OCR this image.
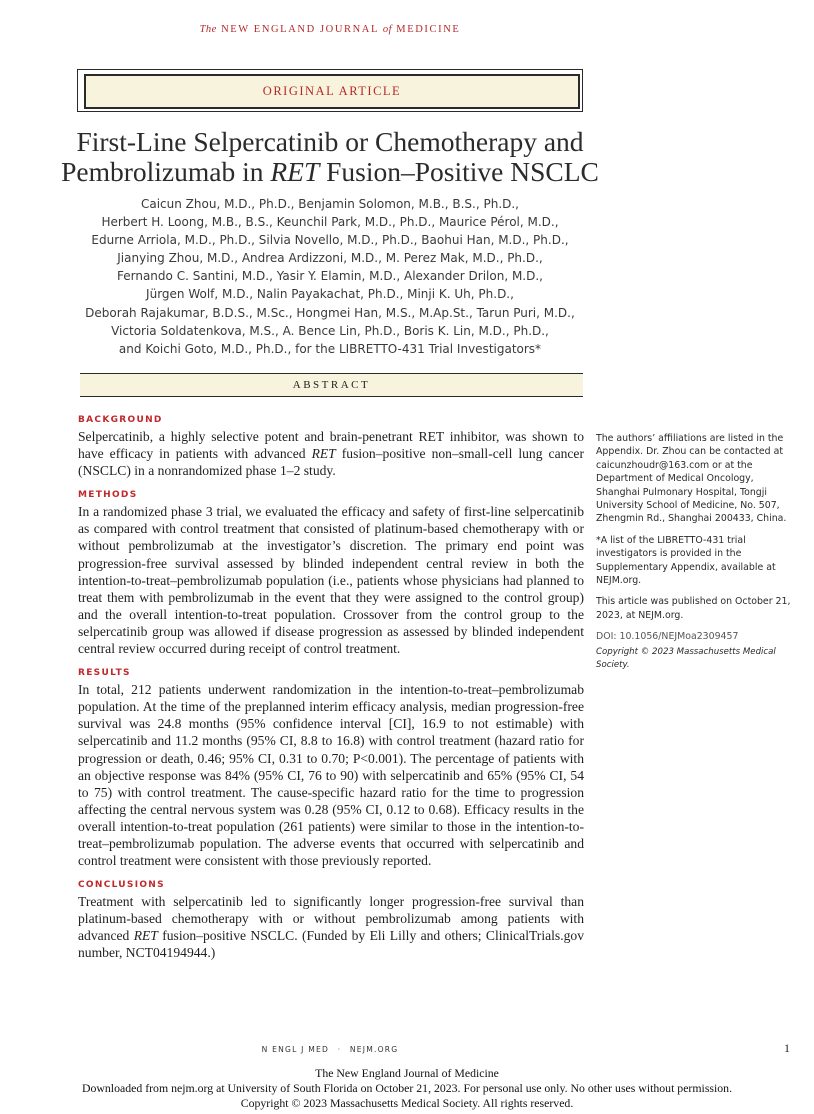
The NEW ENGLAND JOURNAL of MEDICINE
ORIGINAL ARTICLE
First-Line Selpercatinib or Chemotherapy and
Pembrolizumab in RET Fusion–Positive NSCLC
Caicun Zhou, M.D., Ph.D., Benjamin Solomon, M.B., B.S., Ph.D.,
Herbert H. Loong, M.B., B.S., Keunchil Park, M.D., Ph.D., Maurice Pérol, M.D.,
Edurne Arriola, M.D., Ph.D., Silvia Novello, M.D., Ph.D., Baohui Han, M.D., Ph.D.,
Jianying Zhou, M.D., Andrea Ardizzoni, M.D., M. Perez Mak, M.D., Ph.D.,
Fernando C. Santini, M.D., Yasir Y. Elamin, M.D., Alexander Drilon, M.D.,
Jürgen Wolf, M.D., Nalin Payakachat, Ph.D., Minji K. Uh, Ph.D.,
Deborah Rajakumar, B.D.S., M.Sc., Hongmei Han, M.S., M.Ap.St., Tarun Puri, M.D.,
Victoria Soldatenkova, M.S., A. Bence Lin, Ph.D., Boris K. Lin, M.D., Ph.D.,
and Koichi Goto, M.D., Ph.D., for the LIBRETTO-431 Trial Investigators*
ABSTRACT

BACKGROUND

Selpercatinib, a highly selective potent and brain-penetrant RET inhibitor, was shown to have efficacy in patients with advanced RET fusion–positive non–small-cell lung cancer (NSCLC) in a nonrandomized phase 1–2 study.

METHODS

In a randomized phase 3 trial, we evaluated the efficacy and safety of first-line selpercatinib as compared with control treatment that consisted of platinum-based chemotherapy with or without pembrolizumab at the investigator’s discretion. The primary end point was progression-free survival assessed by blinded independent central review in both the intention-to-treat–pembrolizumab population (i.e., patients whose physicians had planned to treat them with pembrolizumab in the event that they were assigned to the control group) and the overall intention-to-treat population. Crossover from the control group to the selpercatinib group was allowed if disease progression as assessed by blinded independent central review occurred during receipt of control treatment.

RESULTS

In total, 212 patients underwent randomization in the intention-to-treat–pembrolizumab population. At the time of the preplanned interim efficacy analysis, median progression-free survival was 24.8 months (95% confidence interval [CI], 16.9 to not estimable) with selpercatinib and 11.2 months (95% CI, 8.8 to 16.8) with control treatment (hazard ratio for progression or death, 0.46; 95% CI, 0.31 to 0.70; P<0.001). The percentage of patients with an objective response was 84% (95% CI, 76 to 90) with selpercatinib and 65% (95% CI, 54 to 75) with control treatment. The cause-specific hazard ratio for the time to progression affecting the central nervous system was 0.28 (95% CI, 0.12 to 0.68). Efficacy results in the overall intention-to-treat population (261 patients) were similar to those in the intention-to-treat–pembrolizumab population. The adverse events that occurred with selpercatinib and control treatment were consistent with those previously reported.

CONCLUSIONS

Treatment with selpercatinib led to significantly longer progression-free survival than platinum-based chemotherapy with or without pembrolizumab among patients with advanced RET fusion–positive NSCLC. (Funded by Eli Lilly and others; ClinicalTrials.gov number, NCT04194944.)

The authors’ affiliations are listed in the Appendix. Dr. Zhou can be contacted at caicunzhoudr@163.com or at the Department of Medical Oncology, Shanghai Pulmonary Hospital, Tongji University School of Medicine, No. 507, Zhengmin Rd., Shanghai 200433, China.

*A list of the LIBRETTO-431 trial investigators is provided in the Supplementary Appendix, available at NEJM.org.

This article was published on October 21, 2023, at NEJM.org.

DOI: 10.1056/NEJMoa2309457

Copyright © 2023 Massachusetts Medical Society.

N ENGL J MED · NEJM.ORG	1
The New England Journal of Medicine
Downloaded from nejm.org at University of South Florida on October 21, 2023. For personal use only. No other uses without permission.
Copyright © 2023 Massachusetts Medical Society. All rights reserved.
